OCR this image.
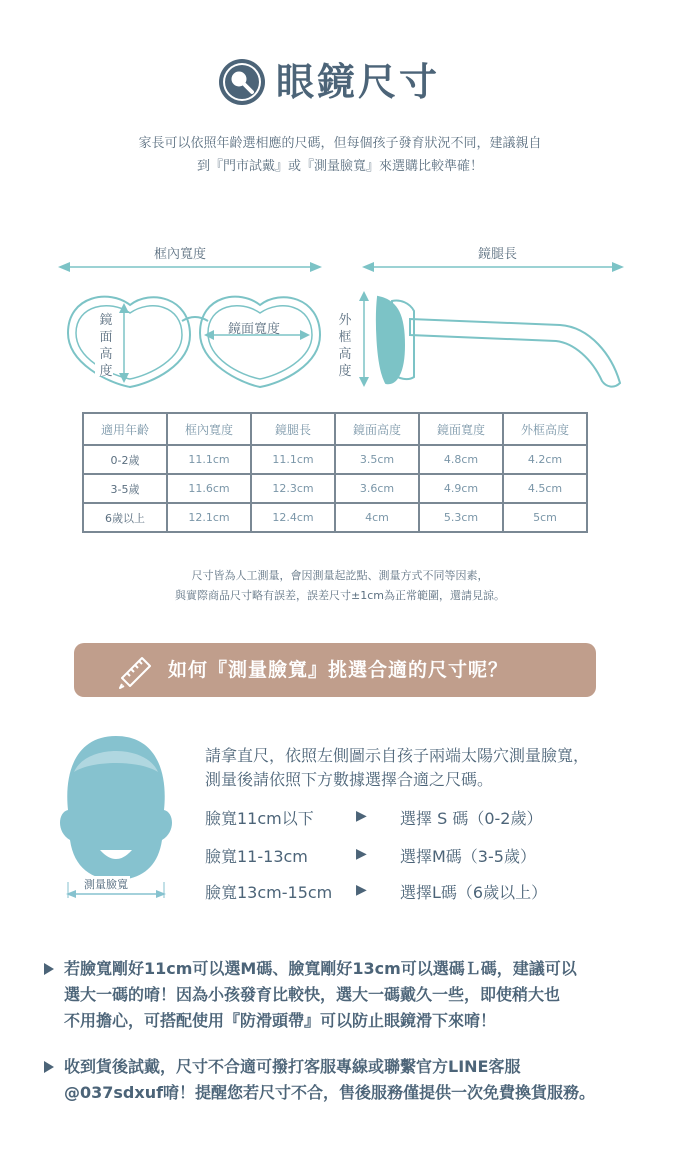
眼鏡尺寸
家長可以依照年齡選相應的尺碼，但每個孩子發育狀況不同，建議親自
到『門市試戴』或『測量臉寬』來選購比較準確！
框內寬度	鏡腿長
鏡面高度
鏡面寬度
外框高度
適用年齡	框內寬度	鏡腿長	鏡面高度	鏡面寬度	外框高度
0-2歲	11.1cm	11.1cm	3.5cm	4.8cm	4.2cm
3-5歲	11.6cm	12.3cm	3.6cm	4.9cm	4.5cm
6歲以上	12.1cm	12.4cm	4cm	5.3cm	5cm
尺寸皆為人工測量，會因測量起訖點、測量方式不同等因素，
與實際商品尺寸略有誤差，誤差尺寸±1cm為正常範圍，還請見諒。
如何『測量臉寬』挑選合適的尺寸呢？
測量臉寬
請拿直尺，依照左側圖示自孩子兩端太陽穴測量臉寬，
測量後請依照下方數據選擇合適之尺碼。
臉寬11cm以下	▶ 選擇 S 碼（0-2歲）
臉寬11-13cm	▶ 選擇M碼（3-5歲）
臉寬13cm-15cm ▶ 選擇L碼（6歲以上）
若臉寬剛好11cm可以選M碼、臉寬剛好13cm可以選碼Ｌ碼，建議可以
選大一碼的唷！因為小孩發育比較快，選大一碼戴久一些，即使稍大也
不用擔心，可搭配使用『防滑頭帶』可以防止眼鏡滑下來唷！
收到貨後試戴，尺寸不合適可撥打客服專線或聯繫官方LINE客服
@037sdxuf唷！提醒您若尺寸不合，售後服務僅提供一次免費換貨服務。
